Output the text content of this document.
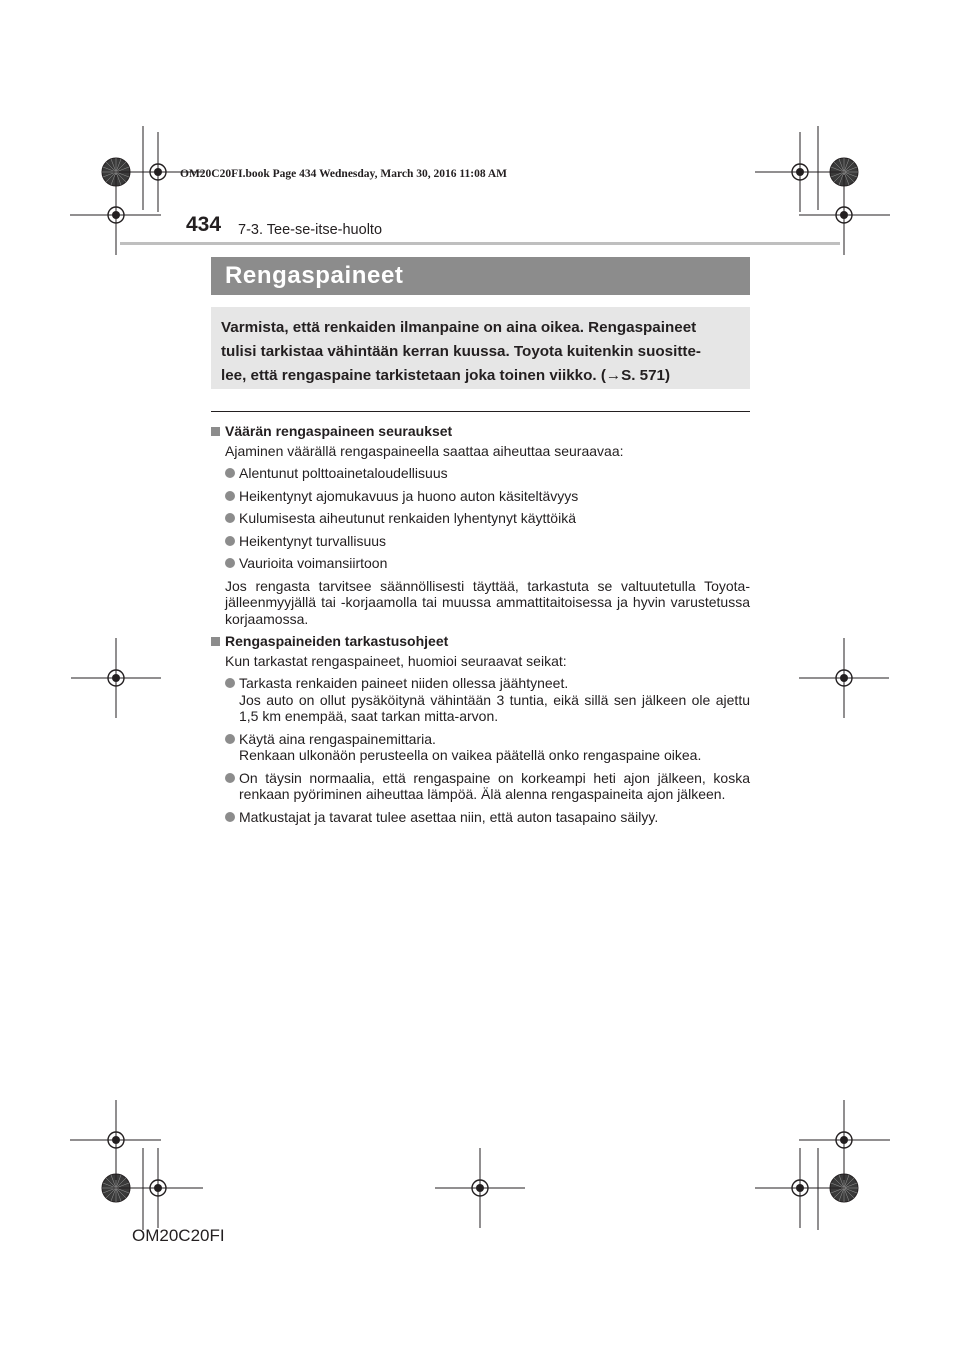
OM20C20FI.book Page 434 Wednesday, March 30, 2016 11:08 AM
434 7-3. Tee-se-itse-huolto
Rengaspaineet
Varmista, että renkaiden ilmanpaine on aina oikea. Rengaspaineet
tulisi tarkistaa vähintään kerran kuussa. Toyota kuitenkin suositte-
lee, että rengaspaine tarkistetaan joka toinen viikko. (→S. 571)
Väärän rengaspaineen seuraukset
Ajaminen väärällä rengaspaineella saattaa aiheuttaa seuraavaa:
Alentunut polttoainetaloudellisuus
Heikentynyt ajomukavuus ja huono auton käsiteltävyys
Kulumisesta aiheutunut renkaiden lyhentynyt käyttöikä
Heikentynyt turvallisuus
Vaurioita voimansiirtoon
Jos rengasta tarvitsee säännöllisesti täyttää, tarkastuta se valtuutetulla Toyota-jälleenmyyjällä tai -korjaamolla tai muussa ammattitaitoisessa ja hyvin varustetussa korjaamossa.
Rengaspaineiden tarkastusohjeet
Kun tarkastat rengaspaineet, huomioi seuraavat seikat:
Tarkasta renkaiden paineet niiden ollessa jäähtyneet.
Jos auto on ollut pysäköitynä vähintään 3 tuntia, eikä sillä sen jälkeen ole ajettu 1,5 km enempää, saat tarkan mitta-arvon.
Käytä aina rengaspainemittaria.
Renkaan ulkonäön perusteella on vaikea päätellä onko rengaspaine oikea.
On täysin normaalia, että rengaspaine on korkeampi heti ajon jälkeen, koska renkaan pyöriminen aiheuttaa lämpöä. Älä alenna rengaspaineita ajon jälkeen.
Matkustajat ja tavarat tulee asettaa niin, että auton tasapaino säilyy.
OM20C20FI
